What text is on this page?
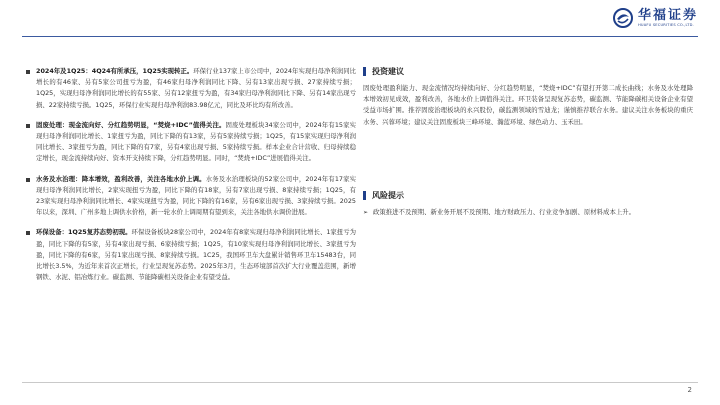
华福证券
HUAFU SECURITIES CO.,LTD.

2024年及1Q25：4Q24有所承压，1Q25实现转正。环保行业137家上市公司中，2024年实现归母净利润同比增长的有46家、另有5家公司扭亏为盈，有46家归母净利润同比下降、另有13家出现亏损、27家持续亏损；1Q25，实现归母净利润同比增长的有55家、另有12家扭亏为盈，有34家归母净利润同比下降、另有14家出现亏损、22家持续亏损。1Q25，环保行业实现归母净利润83.98亿元，同比及环比均有所改善。

固废处理：现金流向好、分红趋势明显，“焚烧+IDC”值得关注。固废处理板块34家公司中，2024年有15家实现归母净利润同比增长、1家扭亏为盈，同比下降的有13家，另有5家持续亏损；1Q25，有15家实现归母净利润同比增长、3家扭亏为盈，同比下降的有7家，另有4家出现亏损、5家持续亏损。样本企业合计营收、归母持续稳定增长，现金流持续向好、资本开支持续下降，分红趋势明显。同时，“焚烧+IDC”进展值得关注。

水务及水治理：降本增效，盈利改善，关注各地水价上调。水务及水治理板块的52家公司中，2024年有17家实现归母净利润同比增长，2家实现扭亏为盈，同比下降的有18家，另有7家出现亏损、8家持续亏损；1Q25，有23家实现归母净利润同比增长、4家实现扭亏为盈，同比下降的有16家，另有6家出现亏损、3家持续亏损。2025年以来，深圳、广州多地上调供水价格，新一轮水价上调周期有望到来，关注各地供水调价进展。

环保设备：1Q25复苏态势初现。环保设备板块28家公司中，2024年有8家实现归母净利润同比增长、1家扭亏为盈，同比下降的有5家，另有4家出现亏损、6家持续亏损；1Q25，有10家实现归母净利润同比增长、3家扭亏为盈，同比下降的有6家，另有1家出现亏损、8家持续亏损。1C25，我国环卫车大盘累计销售环卫车15483台，同比增长3.5%，为近年来首次正增长，行业呈现复苏态势。2025年3月，生态环境部首次扩大行业覆盖范围，新增钢铁、水泥、铝冶炼行业。碳监测、节能降碳相关设备企业有望受益。

投资建议

固废处理盈利能力、现金流情况均持续向好、分红趋势明显，“焚烧+IDC”有望打开第二成长曲线；水务及水处理降本增效初见成效，盈利改善，各地水价上调值得关注。环卫装备呈现复苏态势，碳监测、节能降碳相关设备企业有望受益市场扩围。推荐固废治理板块的永兴股份，碳监测领域的雪迪龙；谨慎推荐联合水务。建议关注水务板块的重庆水务、兴蓉环境；建议关注固废板块三峰环境、瀚蓝环境、绿色动力、玉禾田。

风险提示
➢ 政策推进不及预期、新业务开展不及预期、地方财政压力、行业竞争加剧、原材料成本上升。

2
